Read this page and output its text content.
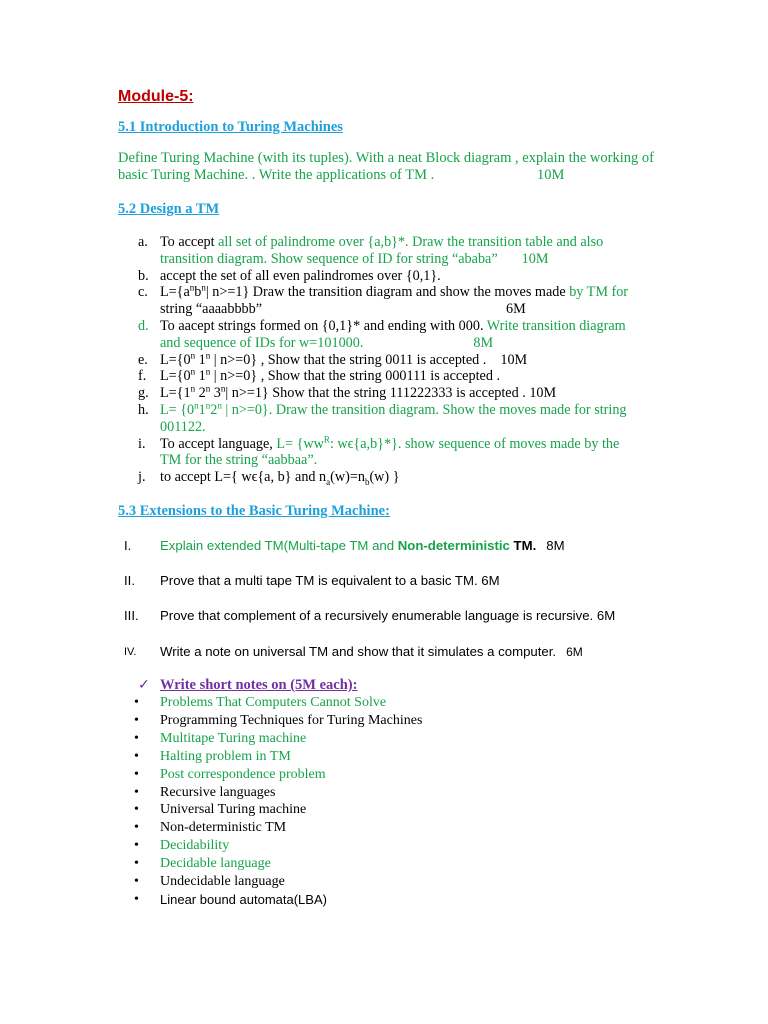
Module-5:
5.1 Introduction to Turing Machines
Define Turing Machine (with its tuples). With a neat Block diagram , explain the working of
basic Turing Machine. . Write the applications of TM .	10M
5.2 Design a TM
a. To accept all set of palindrome over {a,b}*. Draw the transition table and also
transition diagram. Show sequence of ID for string “ababa” 10M
b. accept the set of all even palindromes over {0,1}.
c. $L=\{a^nb^n|$ n>=1} Draw the transition diagram and show the moves made by TM for
string “aaaabbbb”	6M
d. To aacept strings formed on {0,1}* and ending with 000. Write transition diagram
and sequence of IDs for w=101000.	8M
e. $L=\{0^n$ 1$^n$ | n>=0} , Show that the string 0011 is accepted . 10M
f. $L=\{0^n$ 1$^n$ | n>=0} , Show that the string 000111 is accepted .
g. $L=\{1^n$ 2$^n$ 3$^n$| n>=1} Show that the string 111222333 is accepted . 10M
h. $L= \{0^n1^n2^n$ | n>=0}. Draw the transition diagram. Show the moves made for string
001122.
i. To accept language, $L= \{ww^R$: wϵ{a,b}*}. show sequence of moves made by the
TM for the string “aabbaa”.
j. to accept L={ wϵ{a, b} and $n_a(w)=n_b(w)$ }
5.3 Extensions to the Basic Turing Machine:
I. Explain extended TM(Multi-tape TM and Non-deterministic TM. 8M
II. Prove that a multi tape TM is equivalent to a basic TM. 6M
III. Prove that complement of a recursively enumerable language is recursive. 6M
IV. Write a note on universal TM and show that it simulates a computer. 6M
✓ Write short notes on (5M each):
• Problems That Computers Cannot Solve
• Programming Techniques for Turing Machines
• Multitape Turing machine
• Halting problem in TM
• Post correspondence problem
• Recursive languages
• Universal Turing machine
• Non-deterministic TM
• Decidability
• Decidable language
• Undecidable language
• Linear bound automata(LBA)
